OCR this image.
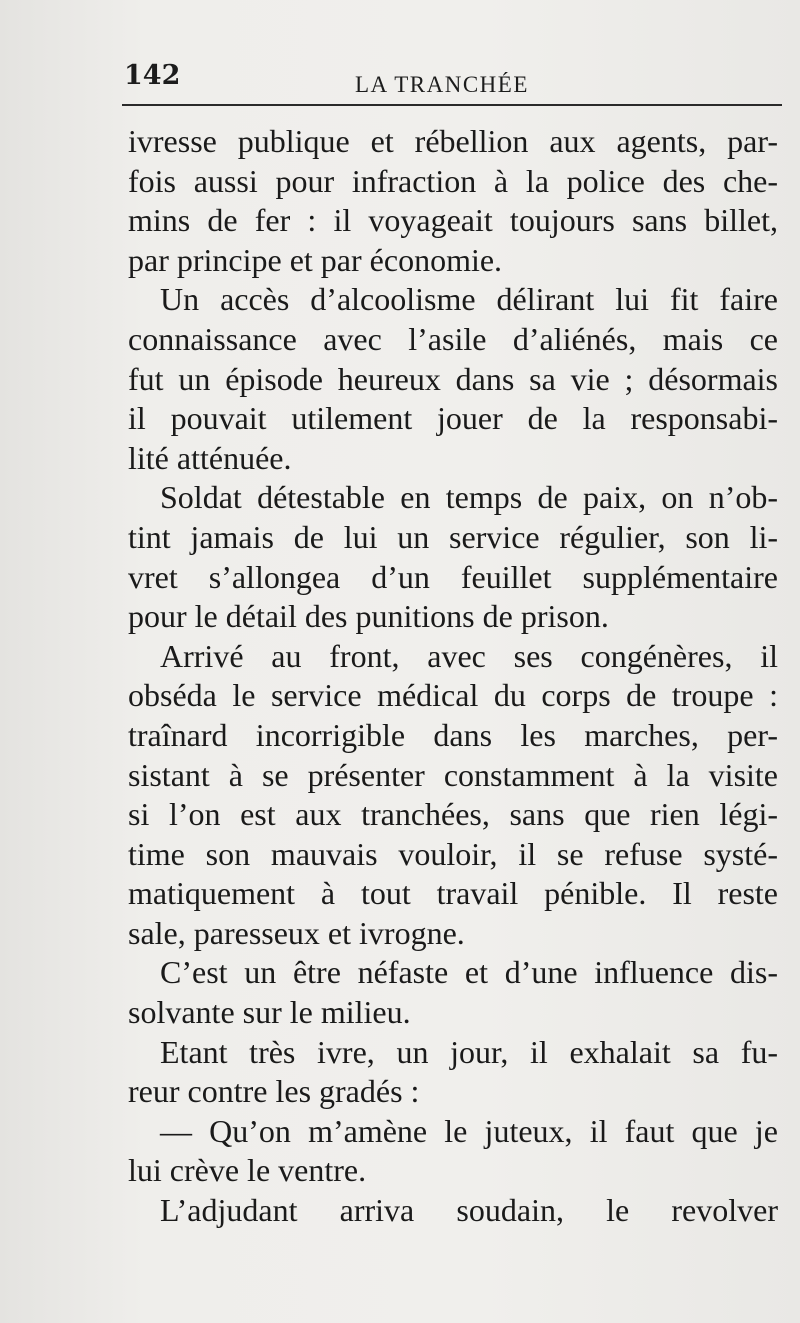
142	LA TRANCHÉE
ivresse publique et rébellion aux agents, par-
fois aussi pour infraction à la police des che-
mins de fer : il voyageait toujours sans billet,
par principe et par économie.
Un accès d’alcoolisme délirant lui fit faire
connaissance avec l’asile d’aliénés, mais ce
fut un épisode heureux dans sa vie ; désormais
il pouvait utilement jouer de la responsabi-
lité atténuée.
Soldat détestable en temps de paix, on n’ob-
tint jamais de lui un service régulier, son li-
vret s’allongea d’un feuillet supplémentaire
pour le détail des punitions de prison.
Arrivé au front, avec ses congénères, il
obséda le service médical du corps de troupe :
traînard incorrigible dans les marches, per-
sistant à se présenter constamment à la visite
si l’on est aux tranchées, sans que rien légi-
time son mauvais vouloir, il se refuse systé-
matiquement à tout travail pénible. Il reste
sale, paresseux et ivrogne.
C’est un être néfaste et d’une influence dis-
solvante sur le milieu.
Etant très ivre, un jour, il exhalait sa fu-
reur contre les gradés :
— Qu’on m’amène le juteux, il faut que je
lui crève le ventre.
L’adjudant arriva soudain, le revolver
